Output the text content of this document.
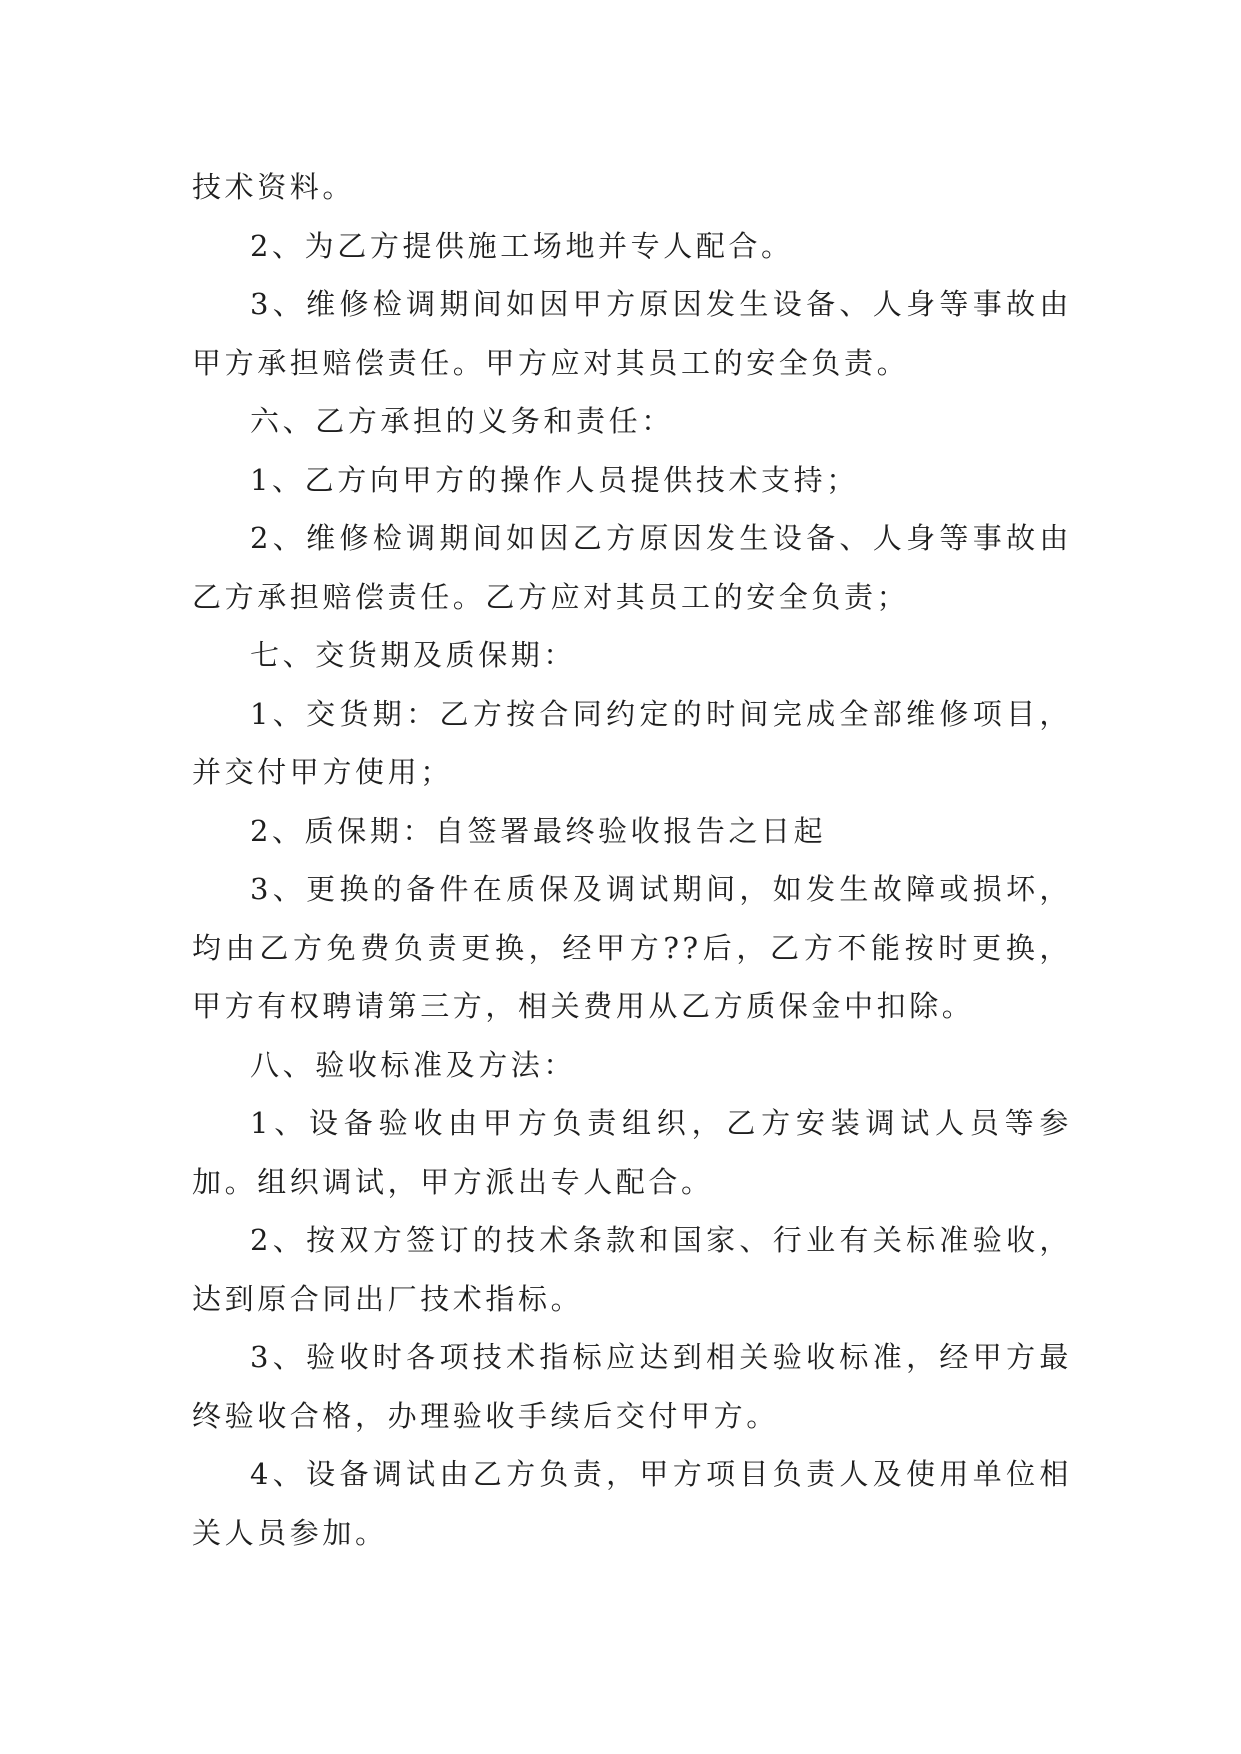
技术资料。

2、为乙方提供施工场地并专人配合。

3、维修检调期间如因甲方原因发生设备、人身等事故由甲方承担赔偿责任。甲方应对其员工的安全负责。

六、乙方承担的义务和责任：

1、乙方向甲方的操作人员提供技术支持；

2、维修检调期间如因乙方原因发生设备、人身等事故由乙方承担赔偿责任。乙方应对其员工的安全负责；

七、交货期及质保期：

1、交货期：乙方按合同约定的时间完成全部维修项目，并交付甲方使用；

2、质保期：自签署最终验收报告之日起

3、更换的备件在质保及调试期间，如发生故障或损坏，均由乙方免费负责更换，经甲方??后，乙方不能按时更换，甲方有权聘请第三方，相关费用从乙方质保金中扣除。

八、验收标准及方法：

1、设备验收由甲方负责组织，乙方安装调试人员等参加。组织调试，甲方派出专人配合。

2、按双方签订的技术条款和国家、行业有关标准验收，达到原合同出厂技术指标。

3、验收时各项技术指标应达到相关验收标准，经甲方最终验收合格，办理验收手续后交付甲方。

4、设备调试由乙方负责，甲方项目负责人及使用单位相关人员参加。
